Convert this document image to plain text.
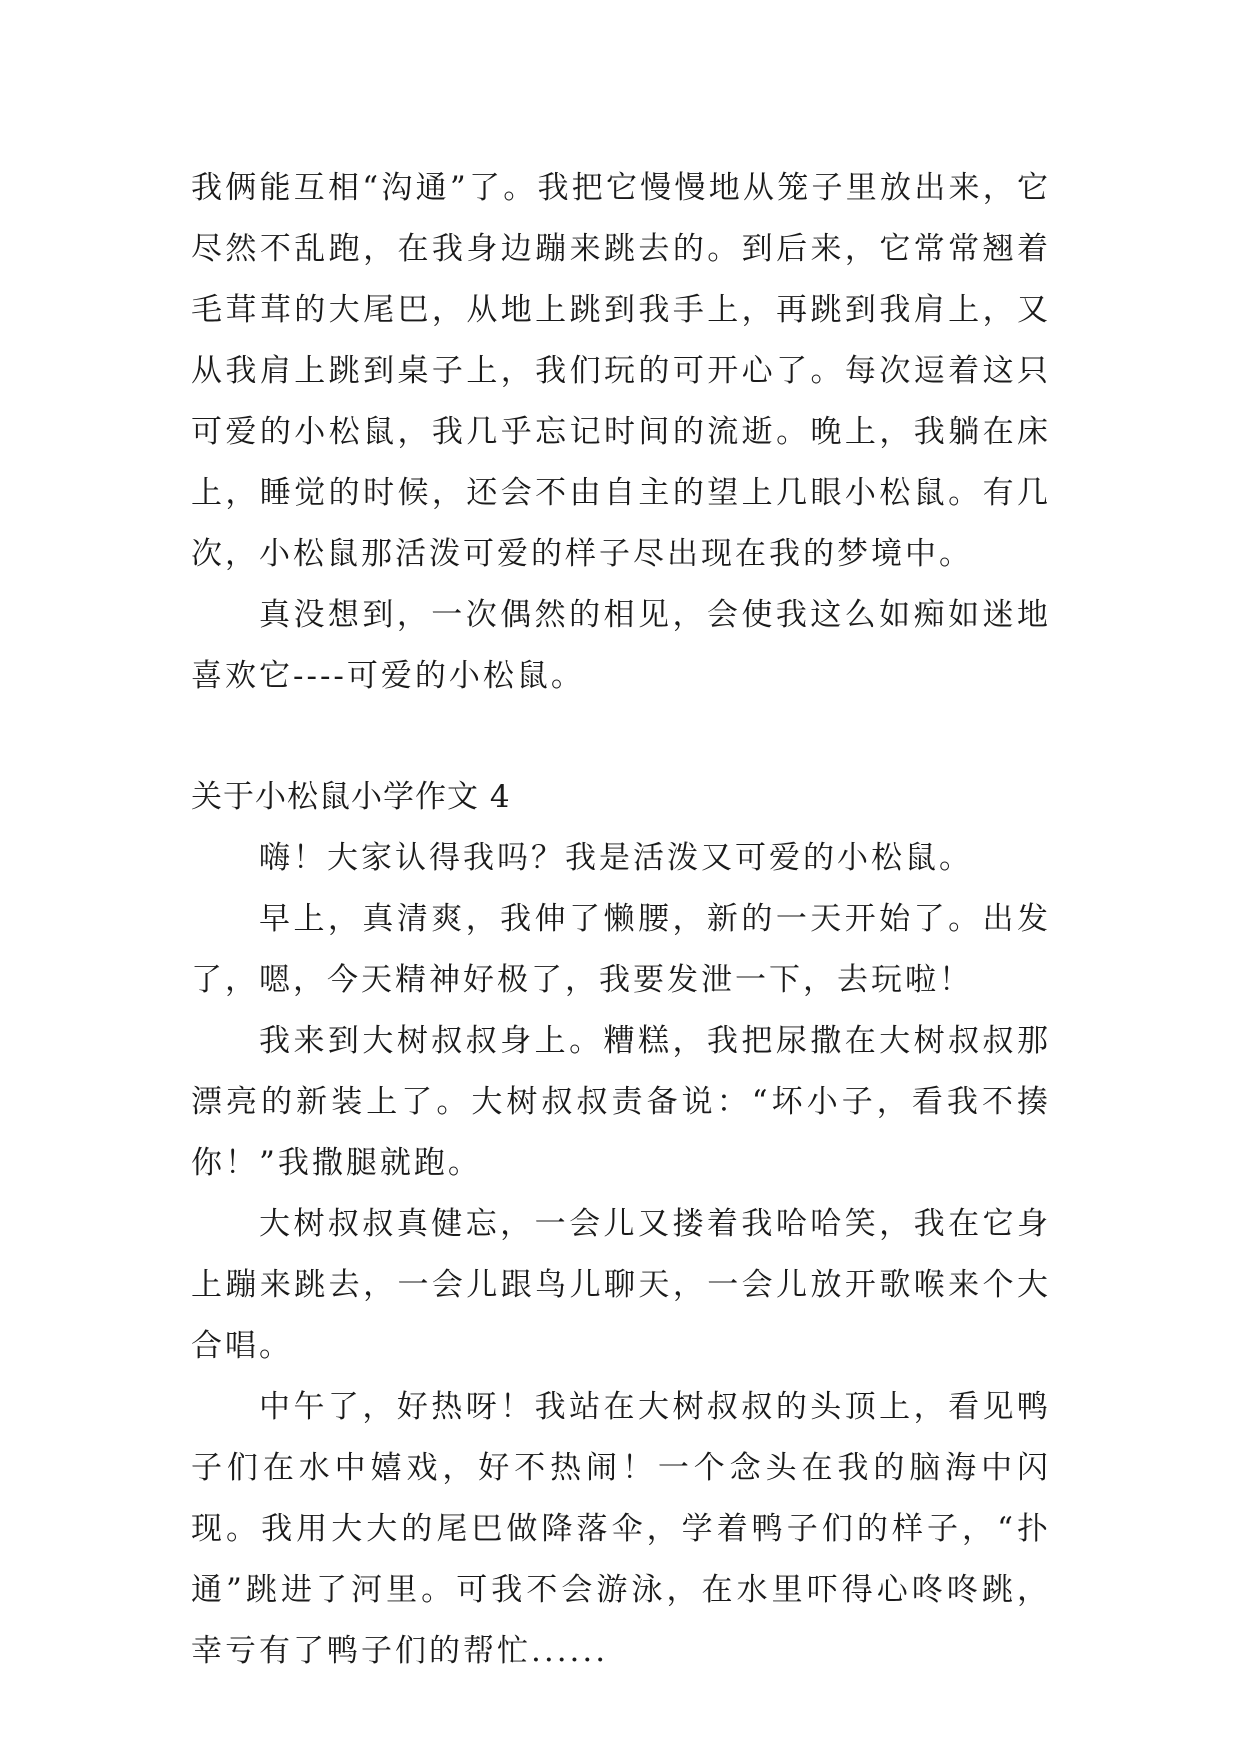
我俩能互相“沟通”了。我把它慢慢地从笼子里放出来，它尽然不乱跑，在我身边蹦来跳去的。到后来，它常常翘着毛茸茸的大尾巴，从地上跳到我手上，再跳到我肩上，又从我肩上跳到桌子上，我们玩的可开心了。每次逗着这只可爱的小松鼠，我几乎忘记时间的流逝。晚上，我躺在床上，睡觉的时候，还会不由自主的望上几眼小松鼠。有几次，小松鼠那活泼可爱的样子尽出现在我的梦境中。

真没想到，一次偶然的相见，会使我这么如痴如迷地喜欢它----可爱的小松鼠。

关于小松鼠小学作文 4

嗨！大家认得我吗？我是活泼又可爱的小松鼠。

早上，真清爽，我伸了懒腰，新的一天开始了。出发了，嗯，今天精神好极了，我要发泄一下，去玩啦！

我来到大树叔叔身上。糟糕，我把尿撒在大树叔叔那漂亮的新装上了。大树叔叔责备说：“坏小子，看我不揍你！”我撒腿就跑。

大树叔叔真健忘，一会儿又搂着我哈哈笑，我在它身上蹦来跳去，一会儿跟鸟儿聊天，一会儿放开歌喉来个大合唱。

中午了，好热呀！我站在大树叔叔的头顶上，看见鸭子们在水中嬉戏，好不热闹！一个念头在我的脑海中闪现。我用大大的尾巴做降落伞，学着鸭子们的样子，“扑通”跳进了河里。可我不会游泳，在水里吓得心咚咚跳，幸亏有了鸭子们的帮忙......
